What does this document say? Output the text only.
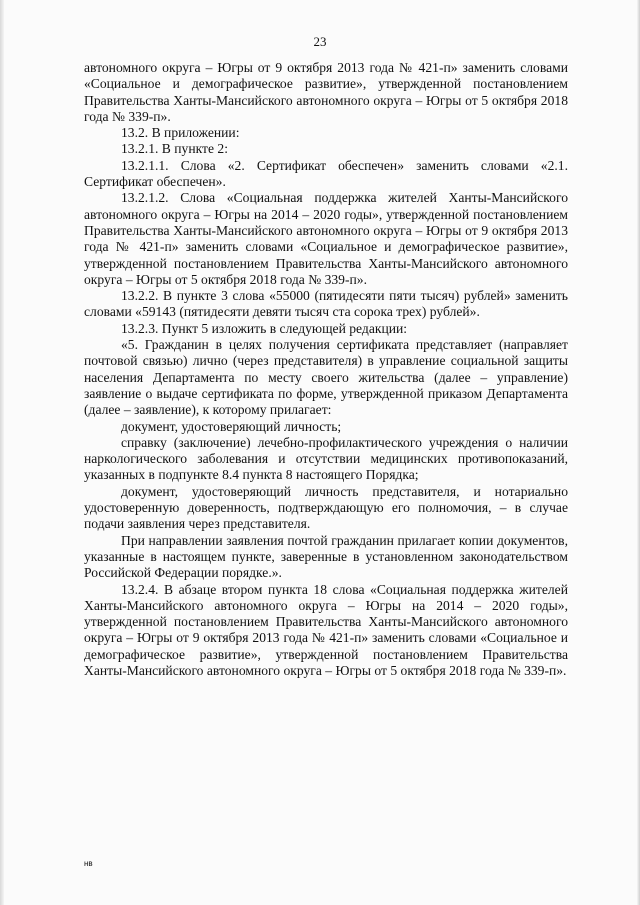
23

автономного округа – Югры от 9 октября 2013 года № 421-п» заменить словами «Социальное и демографическое развитие», утвержденной постановлением Правительства Ханты-Мансийского автономного округа – Югры от 5 октября 2018 года № 339-п».

13.2. В приложении:

13.2.1. В пункте 2:

13.2.1.1. Слова «2. Сертификат обеспечен» заменить словами «2.1. Сертификат обеспечен».

13.2.1.2. Слова «Социальная поддержка жителей Ханты-Мансийского автономного округа – Югры на 2014 – 2020 годы», утвержденной постановлением Правительства Ханты-Мансийского автономного округа – Югры от 9 октября 2013 года № 421-п» заменить словами «Социальное и демографическое развитие», утвержденной постановлением Правительства Ханты-Мансийского автономного округа – Югры от 5 октября 2018 года № 339-п».

13.2.2. В пункте 3 слова «55000 (пятидесяти пяти тысяч) рублей» заменить словами «59143 (пятидесяти девяти тысяч ста сорока трех) рублей».

13.2.3. Пункт 5 изложить в следующей редакции:

«5. Гражданин в целях получения сертификата представляет (направляет почтовой связью) лично (через представителя) в управление социальной защиты населения Департамента по месту своего жительства (далее – управление) заявление о выдаче сертификата по форме, утвержденной приказом Департамента (далее – заявление), к которому прилагает:

документ, удостоверяющий личность;

справку (заключение) лечебно-профилактического учреждения о наличии наркологического заболевания и отсутствии медицинских противопоказаний, указанных в подпункте 8.4 пункта 8 настоящего Порядка;

документ, удостоверяющий личность представителя, и нотариально удостоверенную доверенность, подтверждающую его полномочия, – в случае подачи заявления через представителя.

При направлении заявления почтой гражданин прилагает копии документов, указанные в настоящем пункте, заверенные в установленном законодательством Российской Федерации порядке.».

13.2.4. В абзаце втором пункта 18 слова «Социальная поддержка жителей Ханты-Мансийского автономного округа – Югры на 2014 – 2020 годы», утвержденной постановлением Правительства Ханты-Мансийского автономного округа – Югры от 9 октября 2013 года № 421-п» заменить словами «Социальное и демографическое развитие», утвержденной постановлением Правительства Ханты-Мансийского автономного округа – Югры от 5 октября 2018 года № 339-п».

нв
